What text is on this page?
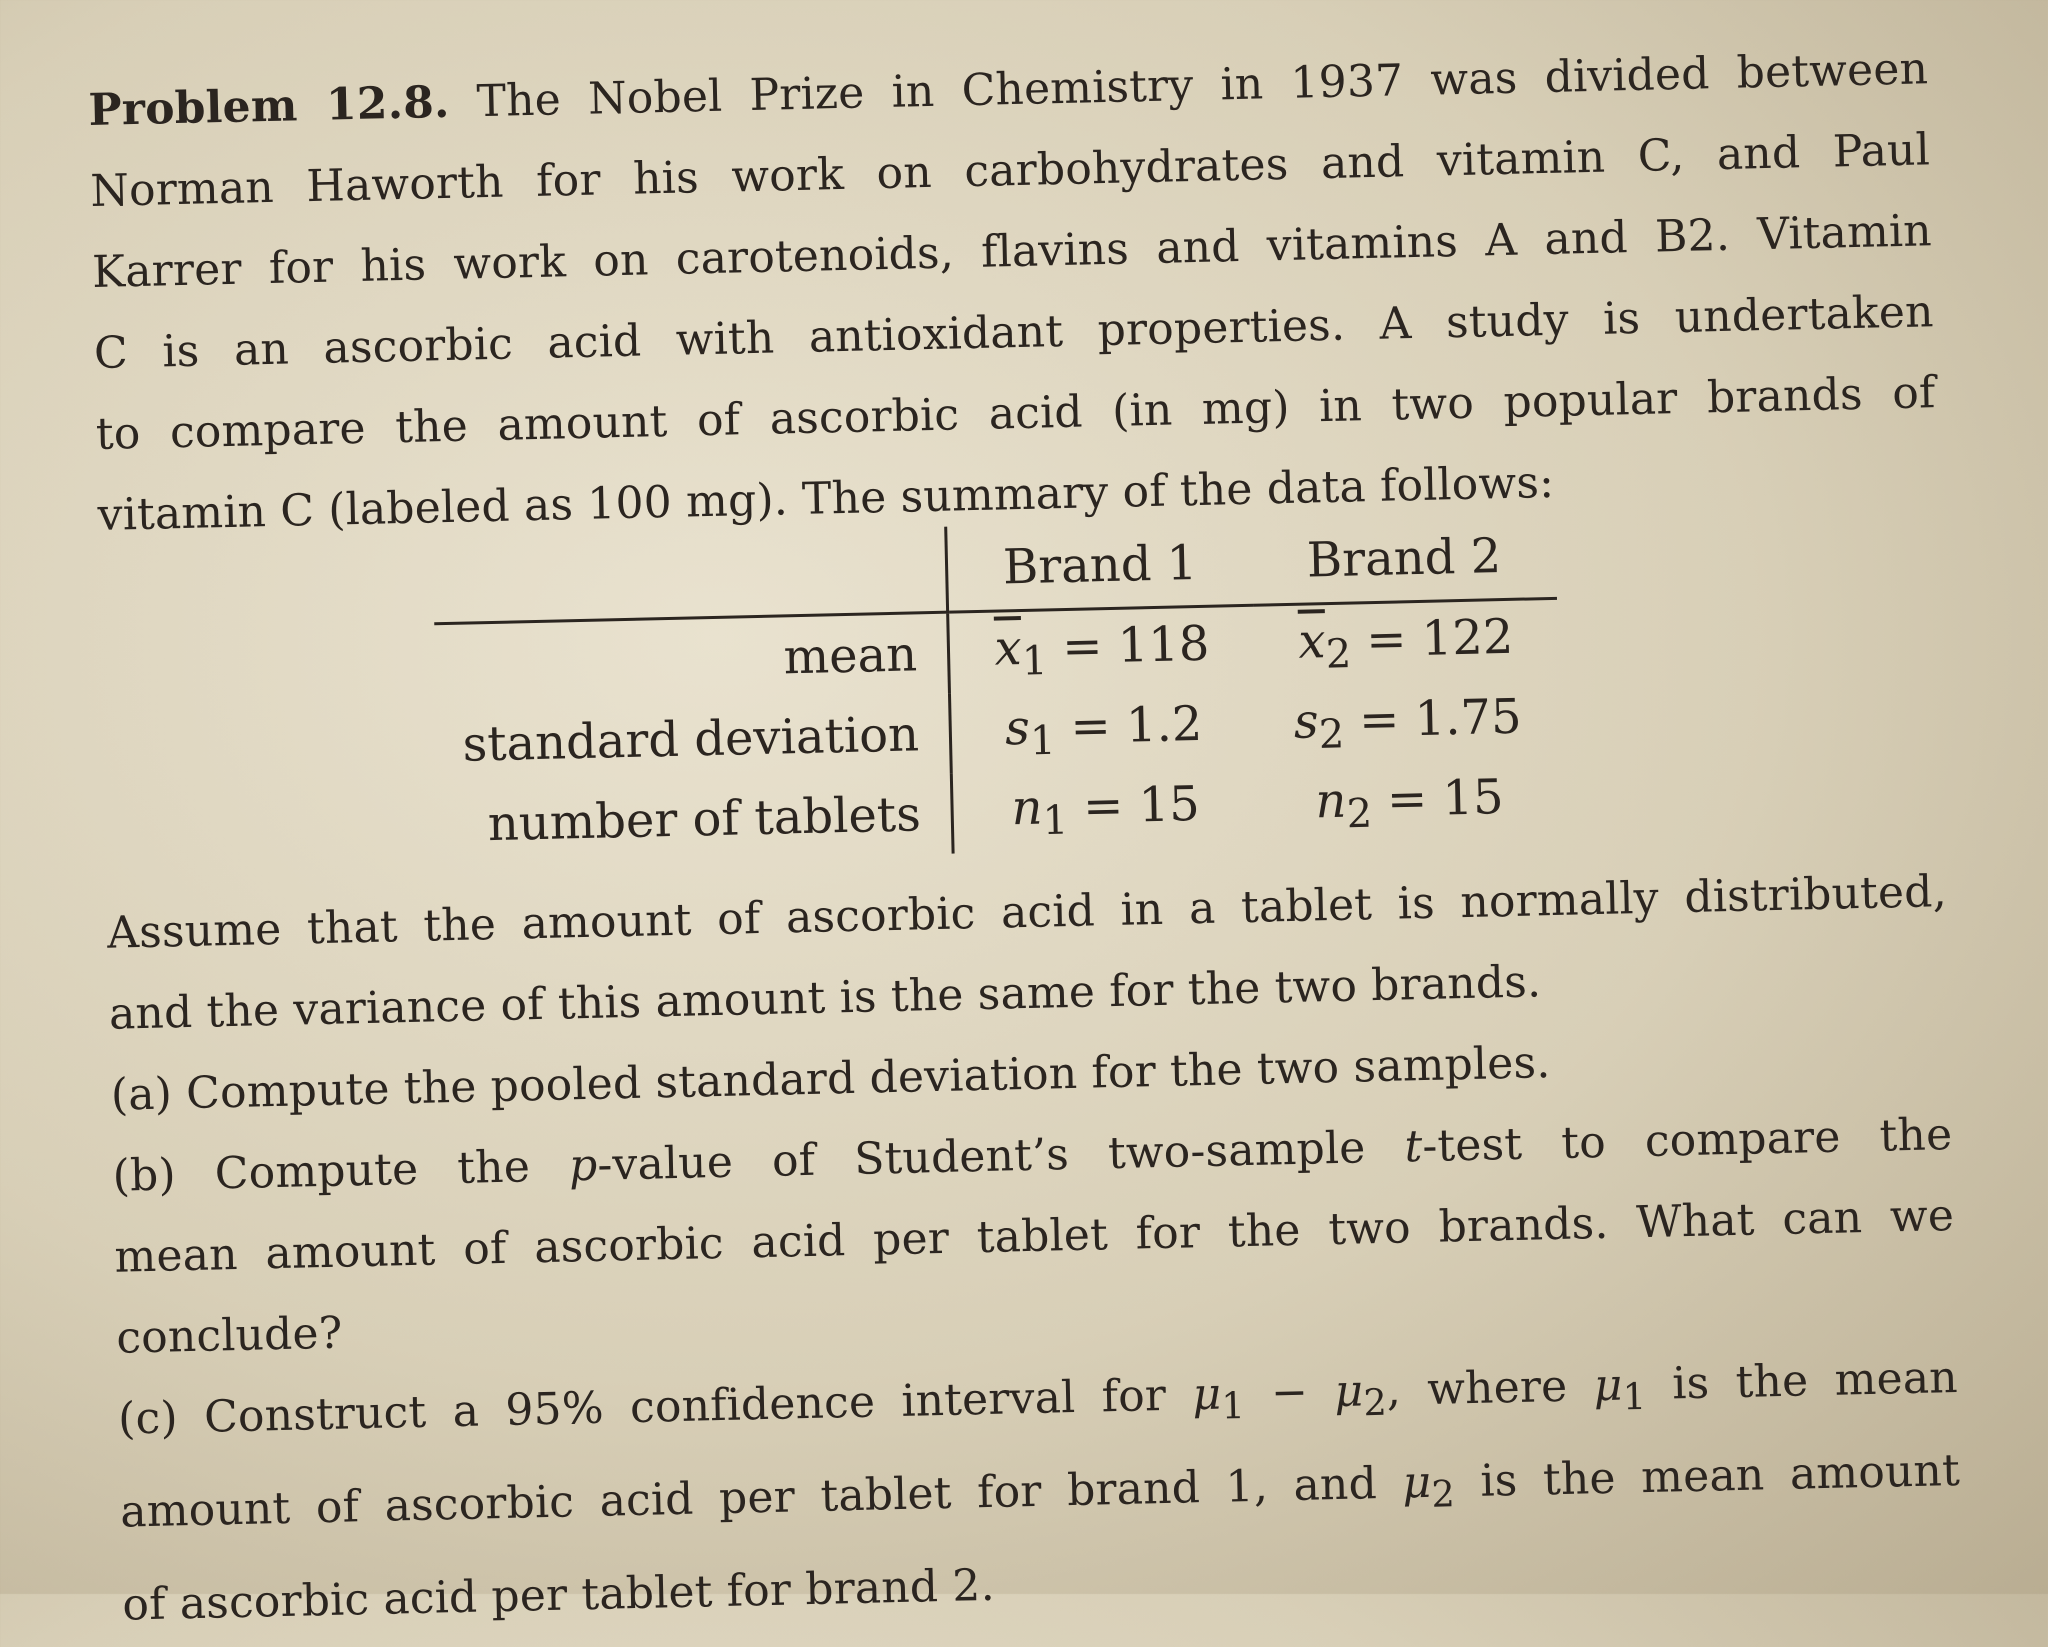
Problem 12.8. The Nobel Prize in Chemistry in 1937 was divided between
Norman Haworth for his work on carbohydrates and vitamin C, and Paul
Karrer for his work on carotenoids, flavins and vitamins A and B2. Vitamin
C is an ascorbic acid with antioxidant properties. A study is undertaken
to compare the amount of ascorbic acid (in mg) in two popular brands of
vitamin C (labeled as 100 mg). The summary of the data follows:
	Brand 1	Brand 2
mean	$\overline{x}_1 = 118$	$\overline{x}_2 = 122$
standard deviation	$s_1 = 1.2$	$s_2 = 1.75$
number of tablets	$n_1 = 15$	$n_2 = 15$
Assume that the amount of ascorbic acid in a tablet is normally distributed,
and the variance of this amount is the same for the two brands.
(a) Compute the pooled standard deviation for the two samples.
(b) Compute the p-value of Student’s two-sample t-test to compare the
mean amount of ascorbic acid per tablet for the two brands. What can we
conclude?
(c) Construct a 95% confidence interval for $\mu_1 - \mu_2$, where $\mu_1$ is the mean
amount of ascorbic acid per tablet for brand 1, and $\mu_2$ is the mean amount
of ascorbic acid per tablet for brand 2.
